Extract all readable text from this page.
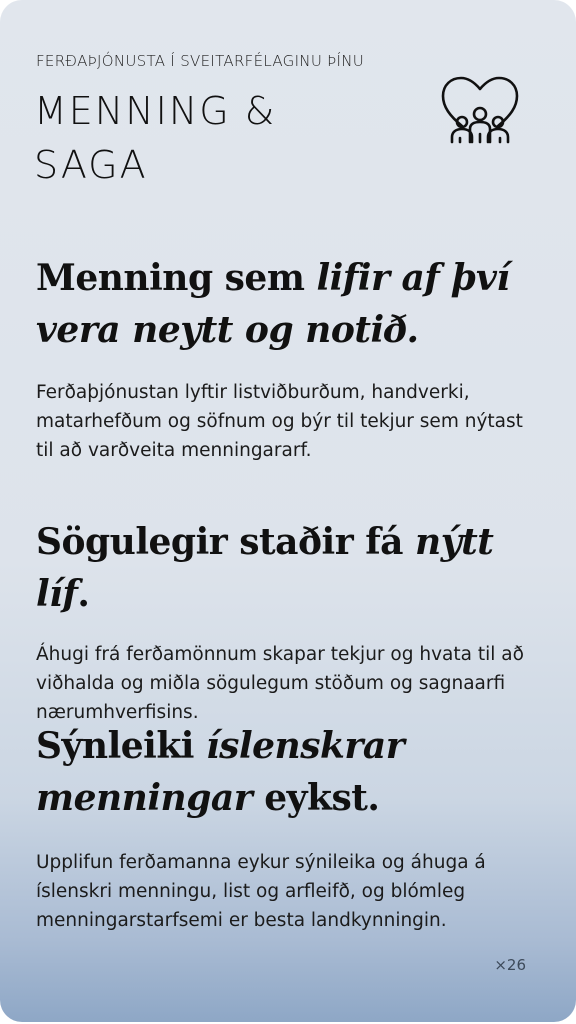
FERÐAÞJÓNUSTA Í SVEITARFÉLAGINU ÞÍNU
MENNING & SAGA
Menning sem lifir af því vera neytt og notið.

Ferðaþjónustan lyftir listviðburðum, handverki, matarhefðum og söfnum og býr til tekjur sem nýtast til að varðveita menningararf.

Sögulegir staðir fá nýtt líf.

Áhugi frá ferðamönnum skapar tekjur og hvata til að viðhalda og miðla sögulegum stöðum og sagnaarfi nærumhverfisins.

Sýnleiki íslenskrar menningar eykst.

Upplifun ferðamanna eykur sýnileika og áhuga á íslenskri menningu, list og arfleifð, og blómleg menningarstarfsemi er besta landkynningin.

×26
